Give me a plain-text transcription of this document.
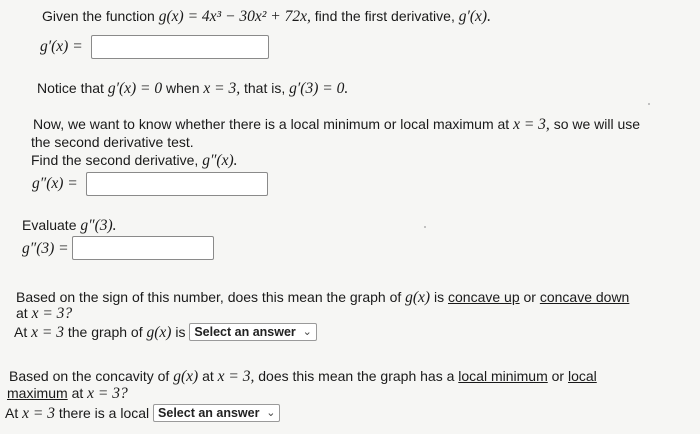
Given the function g(x) = 4x³ − 30x² + 72x, find the first derivative, g′(x).
g′(x) =
Notice that g′(x) = 0 when x = 3, that is, g′(3) = 0.
Now, we want to know whether there is a local minimum or local maximum at x = 3, so we will use
the second derivative test.
Find the second derivative, g″(x).
g″(x) =
Evaluate g″(3).
g″(3) =
Based on the sign of this number, does this mean the graph of g(x) is concave up or concave down
at x = 3?
At x = 3 the graph of g(x) is Select an answer ⌄
Based on the concavity of g(x) at x = 3, does this mean the graph has a local minimum or local
maximum at x = 3?
At x = 3 there is a local Select an answer ⌄
